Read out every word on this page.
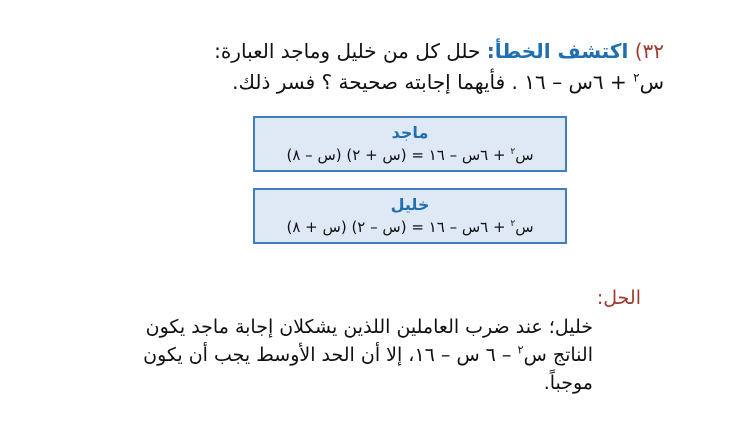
٣٢) اكتشف الخطأ: حلل كل من خليل وماجد العبارة:
س$^٢$ + ٦س – ١٦ . فأيهما إجابته صحيحة ؟ فسر ذلك.
ماجد
س$^٢$ + ٦س – ١٦ = (س + ٢) (س – ٨)
خليل
س$^٢$ + ٦س – ١٦ = (س – ٢) (س + ٨)
الحل:
خليل؛ عند ضرب العاملين اللذين يشكلان إجابة ماجد يكون الناتج س$^٢$ – ٦ س – ١٦، إلا أن الحد الأوسط يجب أن يكون موجباً.
